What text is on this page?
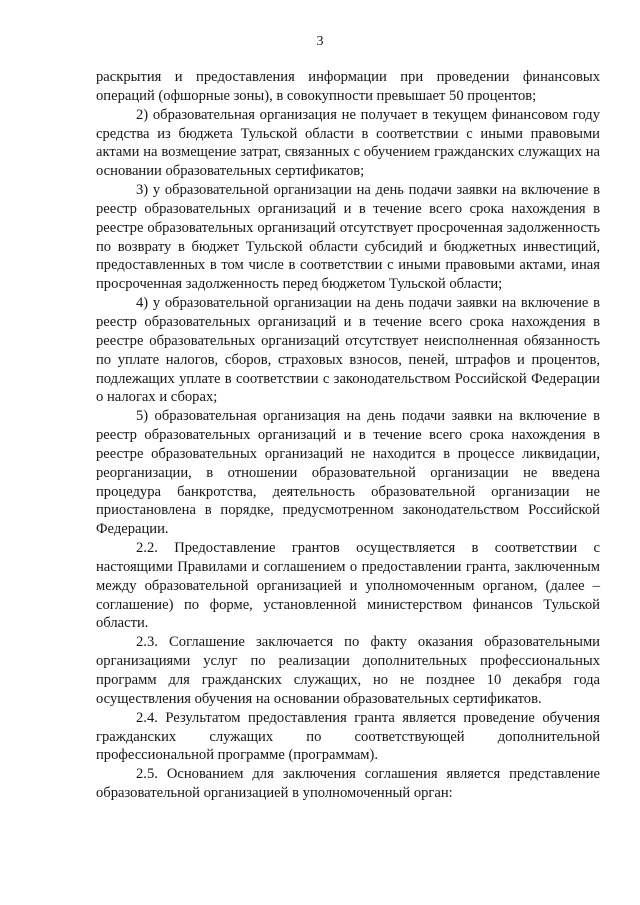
3

раскрытия и предоставления информации при проведении финансовых операций (офшорные зоны), в совокупности превышает 50 процентов;

2) образовательная организация не получает в текущем финансовом году средства из бюджета Тульской области в соответствии с иными правовыми актами на возмещение затрат, связанных с обучением гражданских служащих на основании образовательных сертификатов;

3) у образовательной организации на день подачи заявки на включение в реестр образовательных организаций и в течение всего срока нахождения в реестре образовательных организаций отсутствует просроченная задолженность по возврату в бюджет Тульской области субсидий и бюджетных инвестиций, предоставленных в том числе в соответствии с иными правовыми актами, иная просроченная задолженность перед бюджетом Тульской области;

4) у образовательной организации на день подачи заявки на включение в реестр образовательных организаций и в течение всего срока нахождения в реестре образовательных организаций отсутствует неисполненная обязанность по уплате налогов, сборов, страховых взносов, пеней, штрафов и процентов, подлежащих уплате в соответствии с законодательством Российской Федерации о налогах и сборах;

5) образовательная организация на день подачи заявки на включение в реестр образовательных организаций и в течение всего срока нахождения в реестре образовательных организаций не находится в процессе ликвидации, реорганизации, в отношении образовательной организации не введена процедура банкротства, деятельность образовательной организации не приостановлена в порядке, предусмотренном законодательством Российской Федерации.

2.2. Предоставление грантов осуществляется в соответствии с настоящими Правилами и соглашением о предоставлении гранта, заключенным между образовательной организацией и уполномоченным органом, (далее – соглашение) по форме, установленной министерством финансов Тульской области.

2.3. Соглашение заключается по факту оказания образовательными организациями услуг по реализации дополнительных профессиональных программ для гражданских служащих, но не позднее 10 декабря года осуществления обучения на основании образовательных сертификатов.

2.4. Результатом предоставления гранта является проведение обучения гражданских служащих по соответствующей дополнительной профессиональной программе (программам).

2.5. Основанием для заключения соглашения является представление образовательной организацией в уполномоченный орган:
